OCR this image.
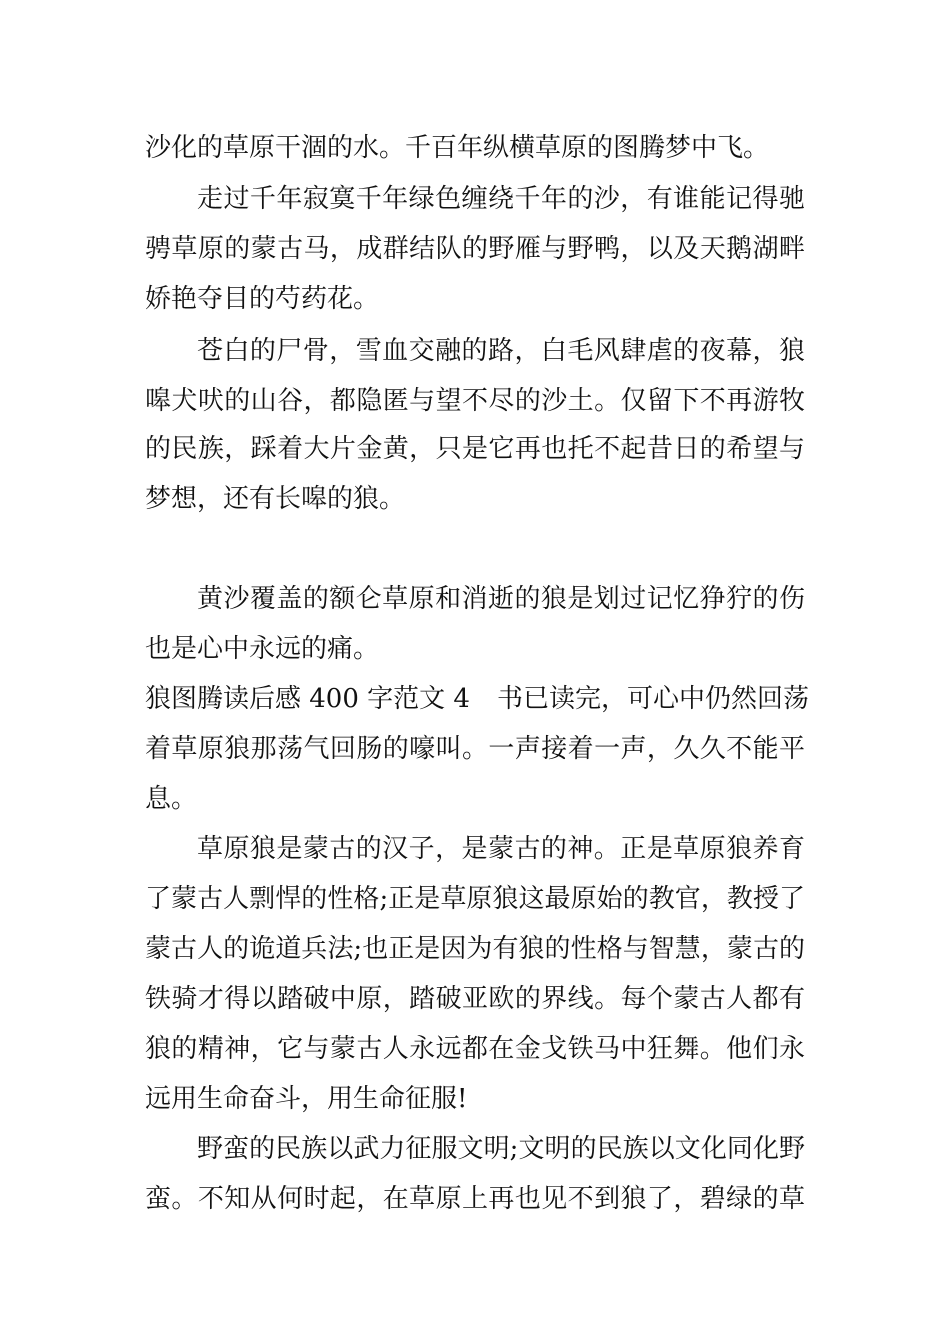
沙化的草原干涸的水。千百年纵横草原的图腾梦中飞。
走过千年寂寞千年绿色缠绕千年的沙，有谁能记得驰
骋草原的蒙古马，成群结队的野雁与野鸭，以及天鹅湖畔
娇艳夺目的芍药花。
苍白的尸骨，雪血交融的路，白毛风肆虐的夜幕，狼
嗥犬吠的山谷，都隐匿与望不尽的沙土。仅留下不再游牧
的民族，踩着大片金黄，只是它再也托不起昔日的希望与
梦想，还有长嗥的狼。
黄沙覆盖的额仑草原和消逝的狼是划过记忆狰狞的伤
也是心中永远的痛。
狼图腾读后感 400 字范文 4 书已读完，可心中仍然回荡
着草原狼那荡气回肠的嚎叫。一声接着一声，久久不能平
息。
草原狼是蒙古的汉子，是蒙古的神。正是草原狼养育
了蒙古人剽悍的性格;正是草原狼这最原始的教官，教授了
蒙古人的诡道兵法;也正是因为有狼的性格与智慧，蒙古的
铁骑才得以踏破中原，踏破亚欧的界线。每个蒙古人都有
狼的精神，它与蒙古人永远都在金戈铁马中狂舞。他们永
远用生命奋斗，用生命征服!
野蛮的民族以武力征服文明;文明的民族以文化同化野
蛮。不知从何时起，在草原上再也见不到狼了，碧绿的草
